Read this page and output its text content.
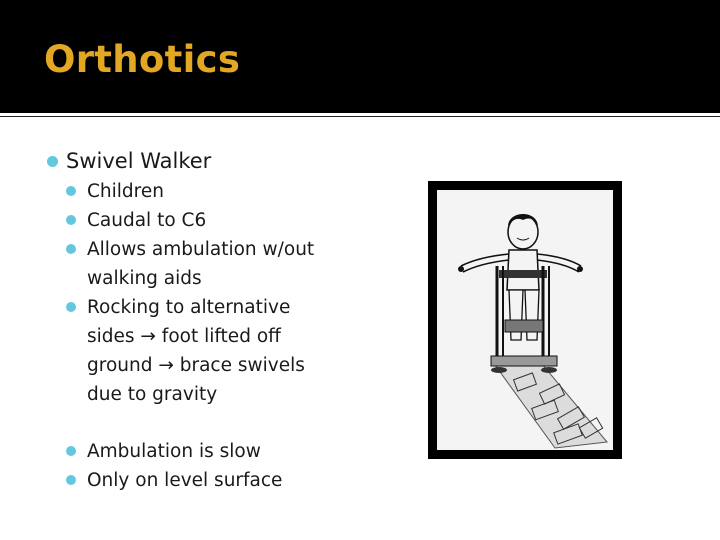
Orthotics
Swivel Walker
Children
Caudal to C6
Allows ambulation w/out walking aids
Rocking to alternative sides → foot lifted off ground → brace swivels due to gravity
Ambulation is slow
Only on level surface
